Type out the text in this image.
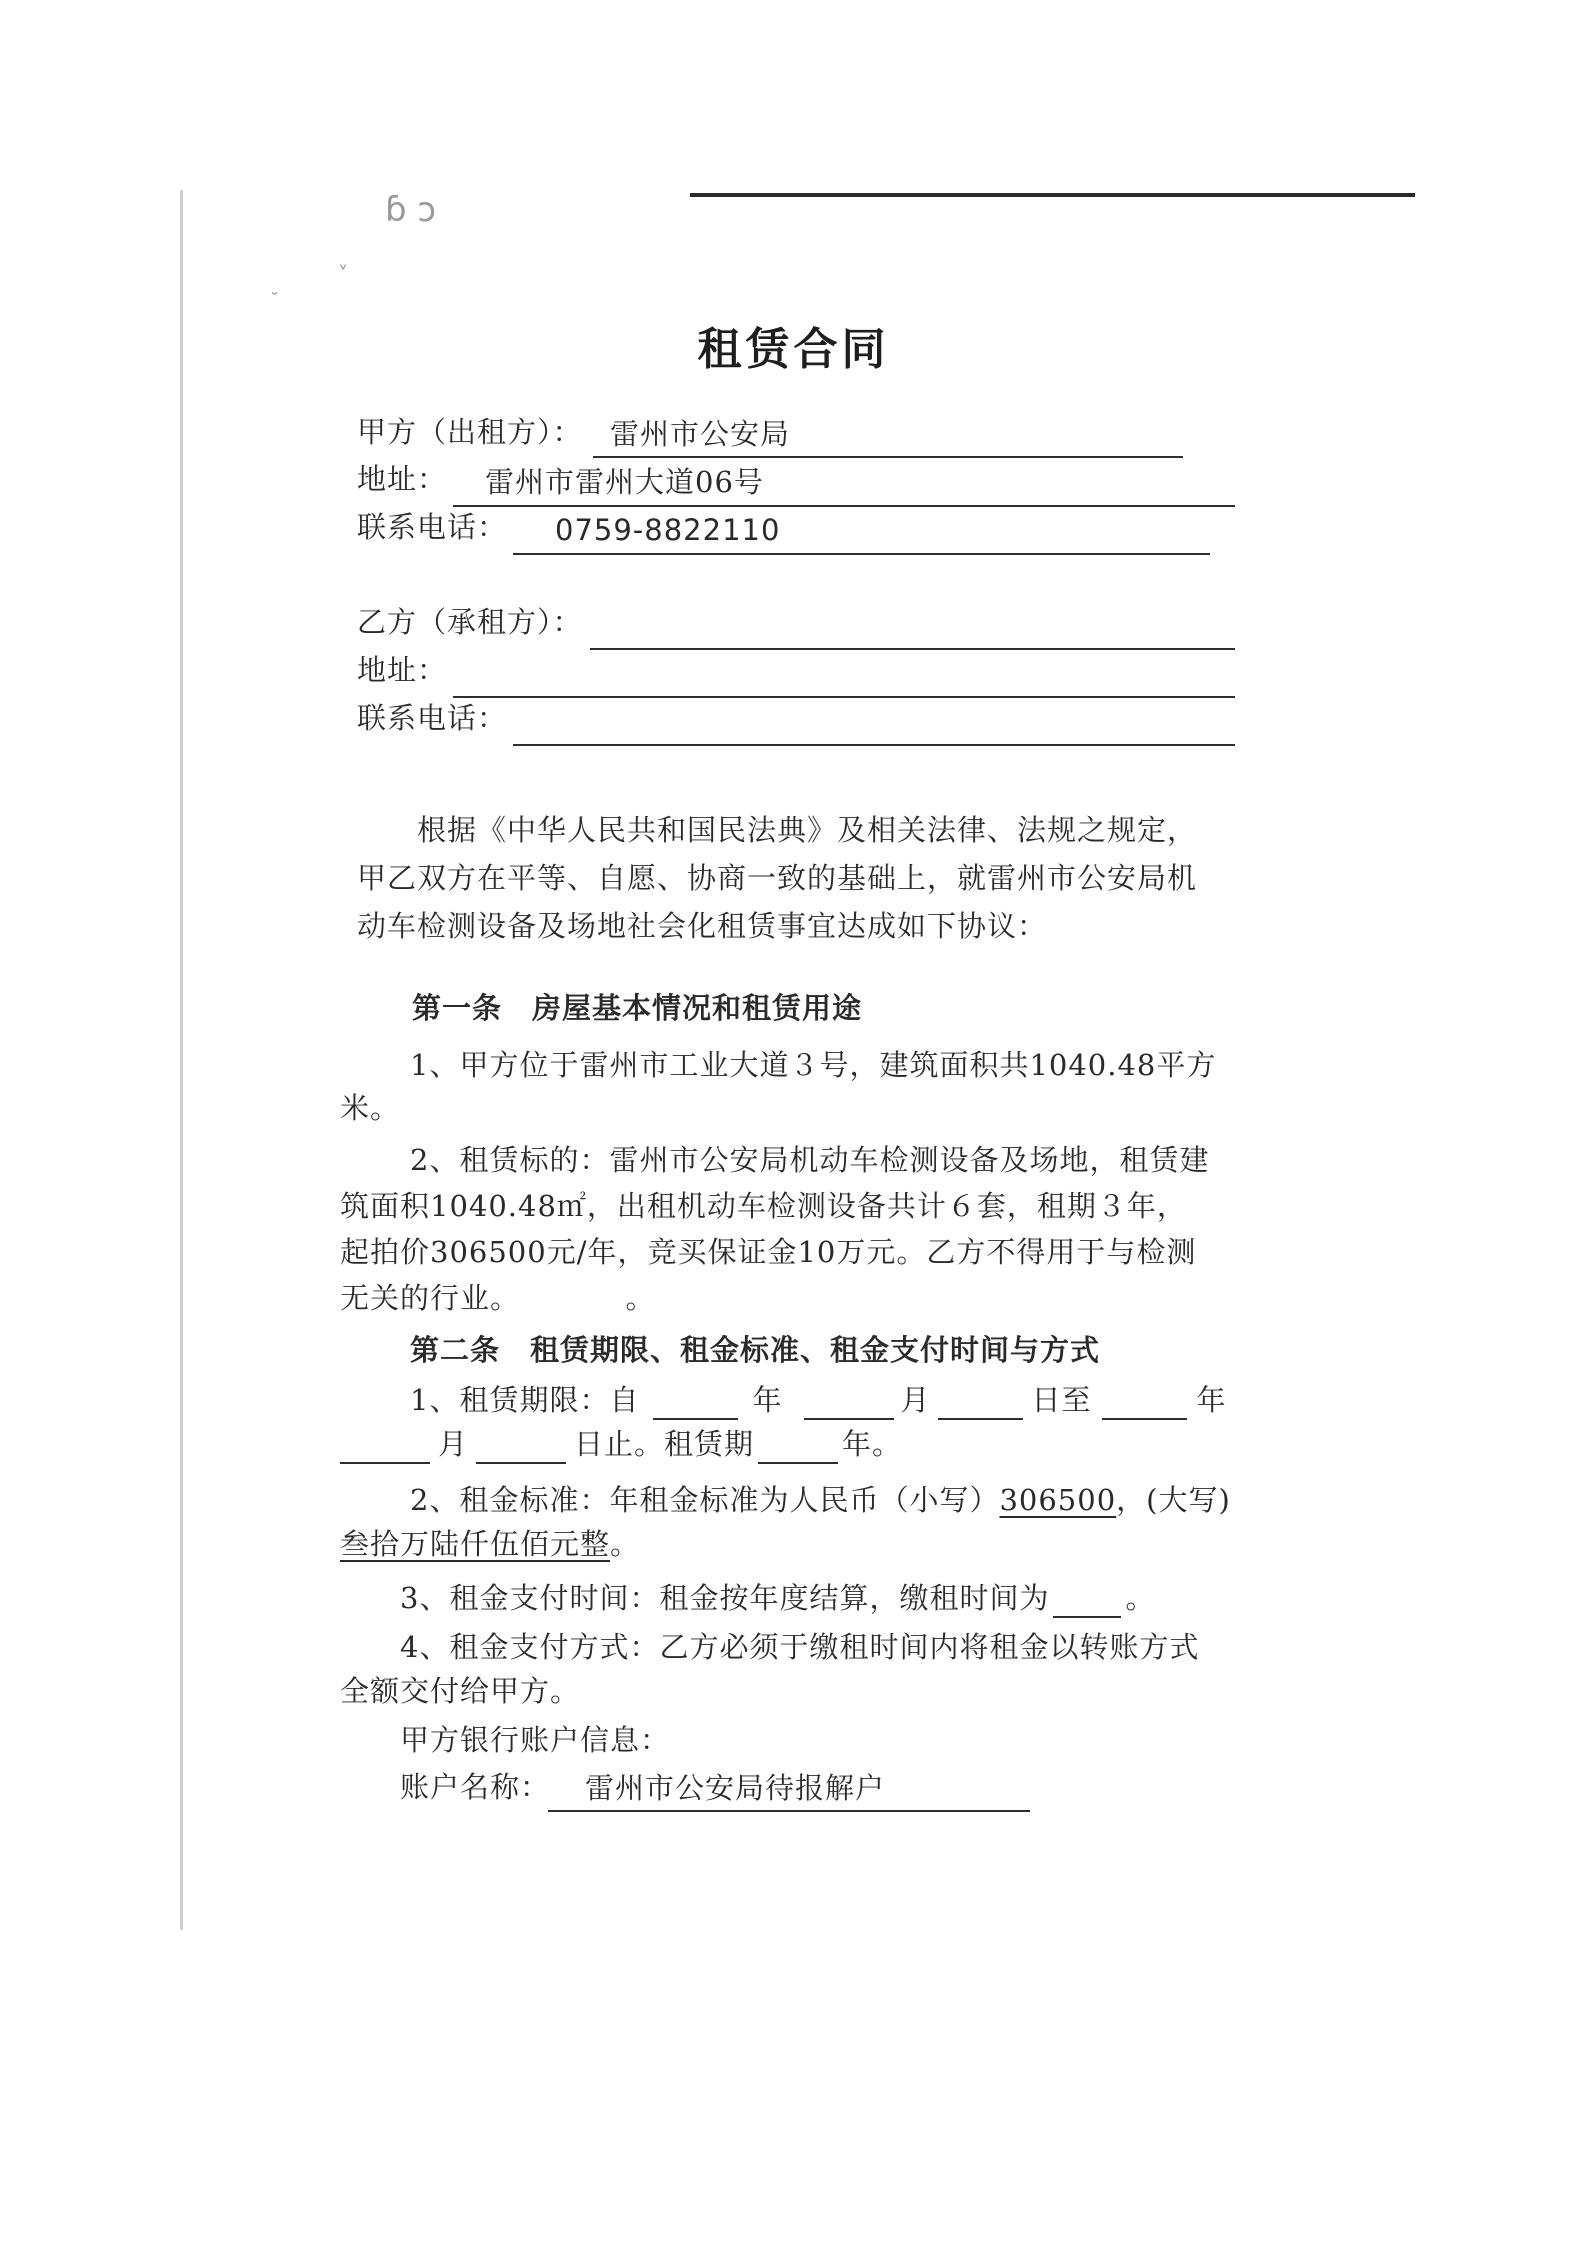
ɓ ɔ
˅
˘
租赁合同
甲方（出租方）： 雷州市公安局
地址： 雷州市雷州大道06号
联系电话： 0759-8822110
乙方（承租方）：
地址：
联系电话：
根据《中华人民共和国民法典》及相关法律、法规之规定，
甲乙双方在平等、自愿、协商一致的基础上，就雷州市公安局机
动车检测设备及场地社会化租赁事宜达成如下协议：
第一条　房屋基本情况和租赁用途
1、甲方位于雷州市工业大道３号，建筑面积共1040.48平方
米。
2、租赁标的：雷州市公安局机动车检测设备及场地，租赁建
筑面积1040.48㎡，出租机动车检测设备共计６套，租期３年，
起拍价306500元/年，竞买保证金10万元。乙方不得用于与检测
无关的行业。　　　　。
第二条　租赁期限、租金标准、租金支付时间与方式
1、租赁期限：自	年	月	日至	年
月	日止。租赁期	年。
2、租金标准：年租金标准为人民币（小写）306500，(大写)
叁拾万陆仟伍佰元整。
3、租金支付时间：租金按年度结算，缴租时间为	。
4、租金支付方式：乙方必须于缴租时间内将租金以转账方式
全额交付给甲方。
甲方银行账户信息：
账户名称： 雷州市公安局待报解户
